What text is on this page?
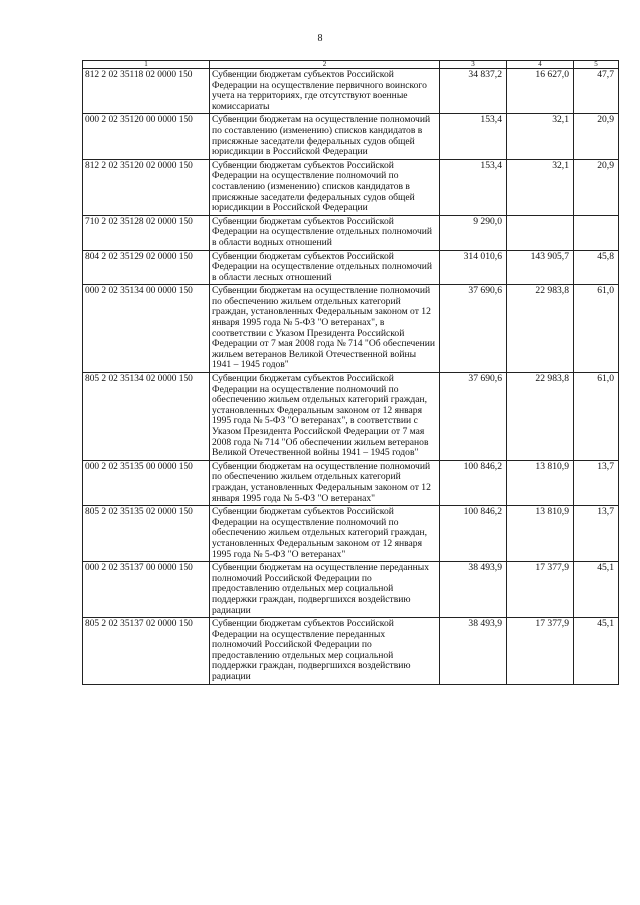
8
1	2	3	4	5
812 2 02 35118 02 0000 150	Субвенции бюджетам субъектов Российской Федерации на осуществление первичного воинского учета на территориях, где отсутствуют военные комиссариаты	34 837,2	16 627,0	47,7
000 2 02 35120 00 0000 150	Субвенции бюджетам на осуществление полномочий по составлению (изменению) списков кандидатов в присяжные заседатели федеральных судов общей юрисдикции в Российской Федерации	153,4	32,1	20,9
812 2 02 35120 02 0000 150	Субвенции бюджетам субъектов Российской Федерации на осуществление полномочий по составлению (изменению) списков кандидатов в присяжные заседатели федеральных судов общей юрисдикции в Российской Федерации	153,4	32,1	20,9
710 2 02 35128 02 0000 150	Субвенции бюджетам субъектов Российской Федерации на осуществление отдельных полномочий в области водных отношений	9 290,0		
804 2 02 35129 02 0000 150	Субвенции бюджетам субъектов Российской Федерации на осуществление отдельных полномочий в области лесных отношений	314 010,6	143 905,7	45,8
000 2 02 35134 00 0000 150	Субвенции бюджетам на осуществление полномочий по обеспечению жильем отдельных категорий граждан, установленных Федеральным законом от 12 января 1995 года № 5-ФЗ "О ветеранах", в соответствии с Указом Президента Российской Федерации от 7 мая 2008 года № 714 "Об обеспечении жильем ветеранов Великой Отечественной войны 1941 – 1945 годов"	37 690,6	22 983,8	61,0
805 2 02 35134 02 0000 150	Субвенции бюджетам субъектов Российской Федерации на осуществление полномочий по обеспечению жильем отдельных категорий граждан, установленных Федеральным законом от 12 января 1995 года № 5-ФЗ "О ветеранах", в соответствии с Указом Президента Российской Федерации от 7 мая 2008 года № 714 "Об обеспечении жильем ветеранов Великой Отечественной войны 1941 – 1945 годов"	37 690,6	22 983,8	61,0
000 2 02 35135 00 0000 150	Субвенции бюджетам на осуществление полномочий по обеспечению жильем отдельных категорий граждан, установленных Федеральным законом от 12 января 1995 года № 5-ФЗ "О ветеранах"	100 846,2	13 810,9	13,7
805 2 02 35135 02 0000 150	Субвенции бюджетам субъектов Российской Федерации на осуществление полномочий по обеспечению жильем отдельных категорий граждан, установленных Федеральным законом от 12 января 1995 года № 5-ФЗ "О ветеранах"	100 846,2	13 810,9	13,7
000 2 02 35137 00 0000 150	Субвенции бюджетам на осуществление переданных полномочий Российской Федерации по предоставлению отдельных мер социальной поддержки граждан, подвергшихся воздействию радиации	38 493,9	17 377,9	45,1
805 2 02 35137 02 0000 150	Субвенции бюджетам субъектов Российской Федерации на осуществление переданных полномочий Российской Федерации по предоставлению отдельных мер социальной поддержки граждан, подвергшихся воздействию радиации	38 493,9	17 377,9	45,1
